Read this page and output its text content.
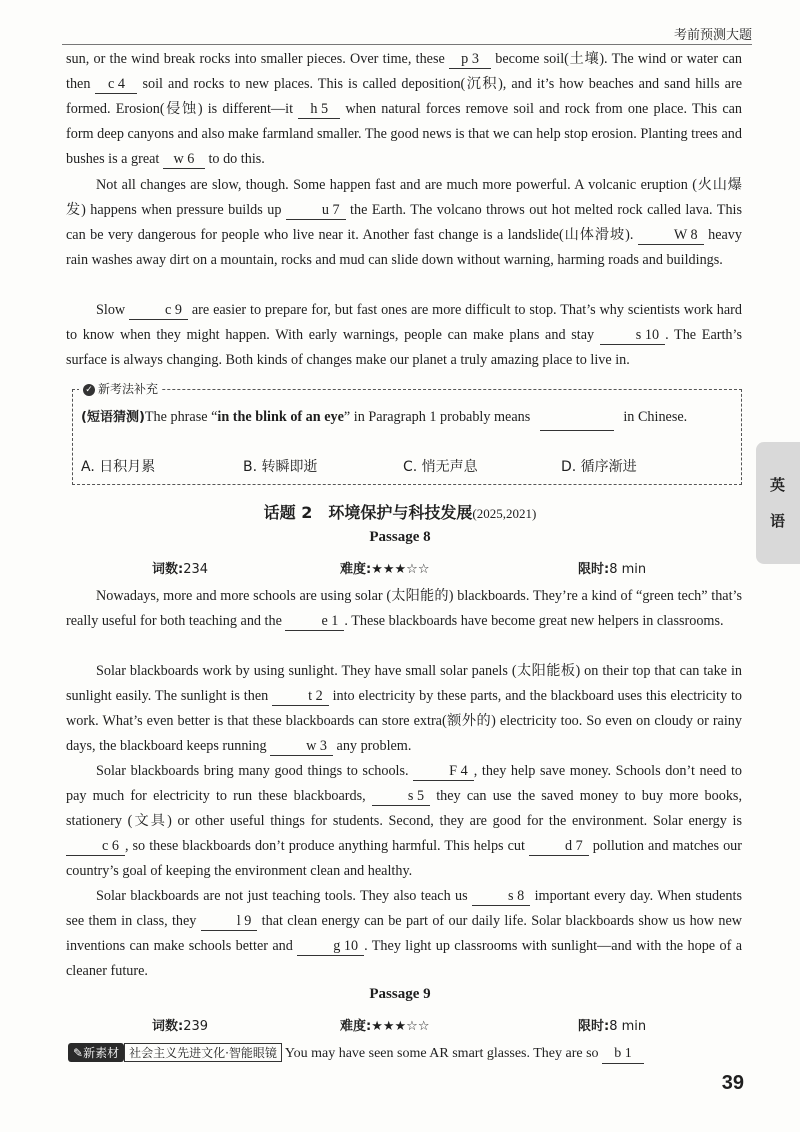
考前预测大题
sun, or the wind break rocks into smaller pieces. Over time, these p 3 become soil(土壤). The wind or water can then c 4 soil and rocks to new places. This is called deposition(沉积), and it’s how beaches and sand hills are formed. Erosion(侵蚀) is different—it h 5 when natural forces remove soil and rock from one place. This can form deep canyons and also make farmland smaller. The good news is that we can help stop erosion. Planting trees and bushes is a great w 6 to do this.
Not all changes are slow, though. Some happen fast and are much more powerful. A volcanic eruption (火山爆发) happens when pressure builds up	u 7 the Earth. The volcano throws out hot melted rock called lava. This can be very dangerous for people who live near it. Another fast change is a landslide(山体滑坡).	W 8 heavy rain washes away dirt on a mountain, rocks and mud can slide down without warning, harming roads and buildings.
Slow	c 9 are easier to prepare for, but fast ones are more difficult to stop. That’s why scientists work hard to know when they might happen. With early warnings, people can make plans and stay	s 10 . The Earth’s surface is always changing. Both kinds of changes make our planet a truly amazing place to live in.
✓ 新考法补充
(短语猜测)The phrase “in the blink of an eye” in Paragraph 1 probably means	in Chinese.
A. 日积月累	B. 转瞬即逝	C. 悄无声息	D. 循序渐进
英
语
话题 2　环境保护与科技发展(2025,2021)
Passage 8
词数:234	难度:★★★☆☆	限时:8 min
Nowadays, more and more schools are using solar (太阳能的) blackboards. They’re a kind of “green tech” that’s really useful for both teaching and the	e 1 . These blackboards have become great new helpers in classrooms.
Solar blackboards work by using sunlight. They have small solar panels (太阳能板) on their top that can take in sunlight easily. The sunlight is then	t 2 into electricity by these parts, and the blackboard uses this electricity to work. What’s even better is that these blackboards can store extra(额外的) electricity too. So even on cloudy or rainy days, the blackboard keeps running	w 3 any problem.
Solar blackboards bring many good things to schools.	F 4 , they help save money. Schools don’t need to pay much for electricity to run these blackboards,	s 5 they can use the saved money to buy more books, stationery (文具) or other useful things for students. Second, they are good for the environment. Solar energy is c 6 , so these blackboards don’t produce anything harmful. This helps cut	d 7 pollution and matches our country’s goal of keeping the environment clean and healthy.
Solar blackboards are not just teaching tools. They also teach us	s 8 important every day. When students see them in class, they	l 9 that clean energy can be part of our daily life. Solar blackboards show us how new inventions can make schools better and	g 10 . They light up classrooms with sunlight—and with the hope of a cleaner future.
Passage 9
词数:239	难度:★★★☆☆	限时:8 min
✎新素材 社会主义先进文化·智能眼镜 You may have seen some AR smart glasses. They are so b 1
39
